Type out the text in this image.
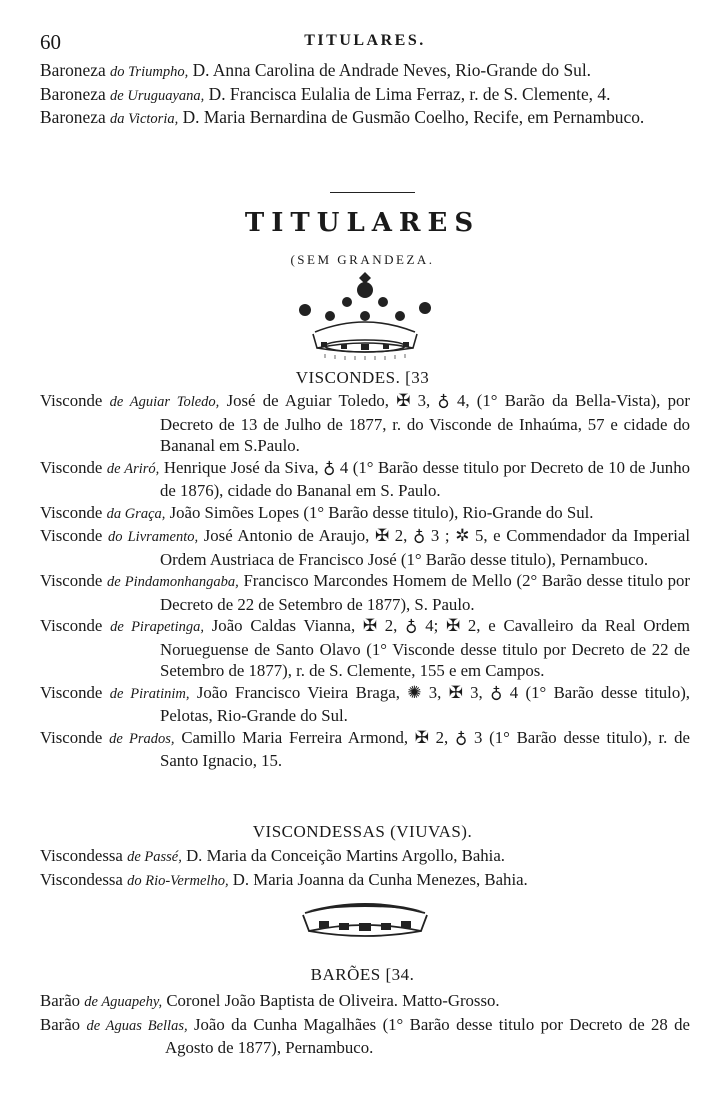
60	TITULARES.

Baroneza do Triumpho, D. Anna Carolina de Andrade Neves, Rio-Grande do Sul.

Baroneza de Uruguayana, D. Francisca Eulalia de Lima Ferraz, r. de S. Clemente, 4.

Baroneza da Victoria, D. Maria Bernardina de Gusmão Coelho, Recife, em Pernambuco.

TITULARES
(SEM GRANDEZA.
VISCONDES. [33

Visconde de Aguiar Toledo, José de Aguiar Toledo, ✠ 3, ♁ 4, (1° Barão da Bella-Vista), por Decreto de 13 de Julho de 1877, r. do Visconde de Inhaúma, 57 e cidade do Bananal em S.Paulo.

Visconde de Ariró, Henrique José da Siva, ♁ 4 (1° Barão desse titulo por Decreto de 10 de Junho de 1876), cidade do Bananal em S. Paulo.

Visconde da Graça, João Simões Lopes (1° Barão desse titulo), Rio-Grande do Sul.

Visconde do Livramento, José Antonio de Araujo, ✠ 2, ♁ 3 ; ✲ 5, e Commendador da Imperial Ordem Austriaca de Francisco José (1° Barão desse titulo), Pernambuco.

Visconde de Pindamonhangaba, Francisco Marcondes Homem de Mello (2° Barão desse titulo por Decreto de 22 de Setembro de 1877), S. Paulo.

Visconde de Pirapetinga, João Caldas Vianna, ✠ 2, ♁ 4; ✠ 2, e Cavalleiro da Real Ordem Norueguense de Santo Olavo (1° Visconde desse titulo por Decreto de 22 de Setembro de 1877), r. de S. Clemente, 155 e em Campos.

Visconde de Piratinim, João Francisco Vieira Braga, ✺ 3, ✠ 3, ♁ 4 (1° Barão desse titulo), Pelotas, Rio-Grande do Sul.

Visconde de Prados, Camillo Maria Ferreira Armond, ✠ 2, ♁ 3 (1° Barão desse titulo), r. de Santo Ignacio, 15.

VISCONDESSAS (VIUVAS).

Viscondessa de Passé, D. Maria da Conceição Martins Argollo, Bahia.

Viscondessa do Rio-Vermelho, D. Maria Joanna da Cunha Menezes, Bahia.

BARÕES [34.

Barão de Aguapehy, Coronel João Baptista de Oliveira. Matto-Grosso.

Barão de Aguas Bellas, João da Cunha Magalhães (1° Barão desse titulo por Decreto de 28 de Agosto de 1877), Pernambuco.
